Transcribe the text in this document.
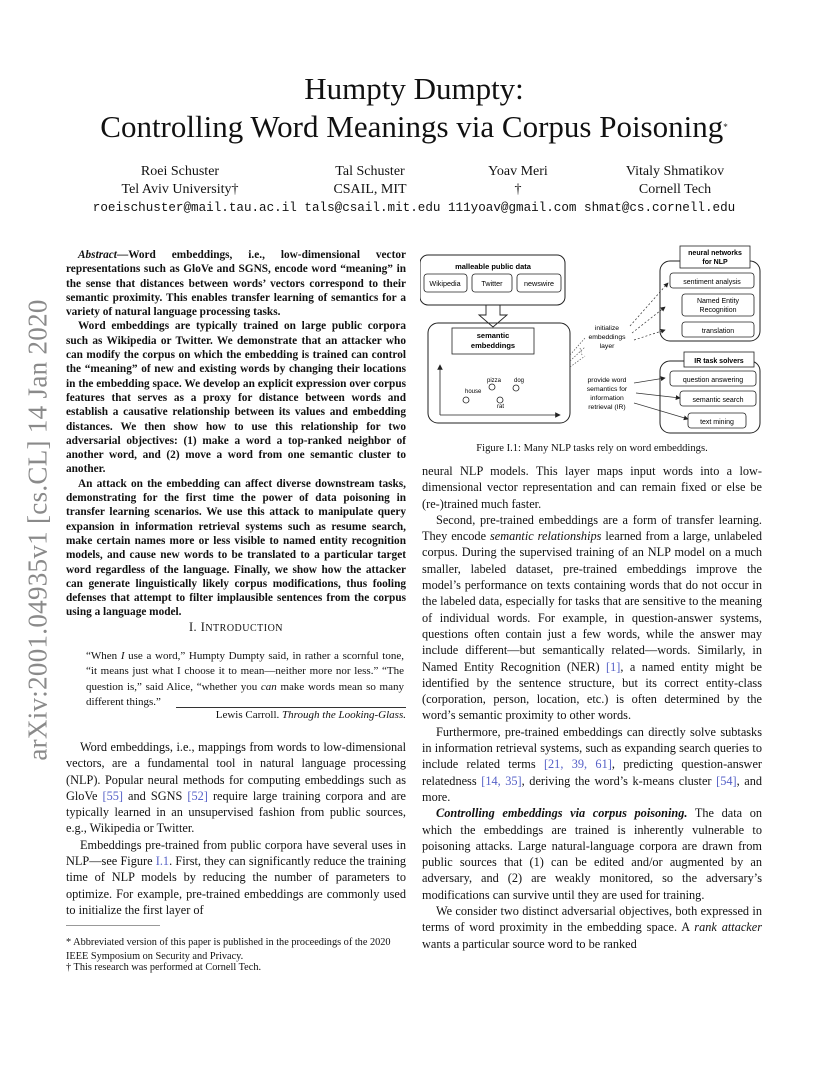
arXiv:2001.04935v1 [cs.CL] 14 Jan 2020
Humpty Dumpty:
Controlling Word Meanings via Corpus Poisoning*
Roei Schuster
Tel Aviv University†
Tal Schuster
CSAIL, MIT
Yoav Meri
†
Vitaly Shmatikov
Cornell Tech
roeischuster@mail.tau.ac.il tals@csail.mit.edu 111yoav@gmail.com shmat@cs.cornell.edu

Abstract—Word embeddings, i.e., low-dimensional vector representations such as GloVe and SGNS, encode word “meaning” in the sense that distances between words’ vectors correspond to their semantic proximity. This enables transfer learning of semantics for a variety of natural language processing tasks.

Word embeddings are typically trained on large public corpora such as Wikipedia or Twitter. We demonstrate that an attacker who can modify the corpus on which the embedding is trained can control the “meaning” of new and existing words by changing their locations in the embedding space. We develop an explicit expression over corpus features that serves as a proxy for distance between words and establish a causative relationship between its values and embedding distances. We then show how to use this relationship for two adversarial objectives: (1) make a word a top-ranked neighbor of another word, and (2) move a word from one semantic cluster to another.

An attack on the embedding can affect diverse downstream tasks, demonstrating for the first time the power of data poisoning in transfer learning scenarios. We use this attack to manipulate query expansion in information retrieval systems such as resume search, make certain names more or less visible to named entity recognition models, and cause new words to be translated to a particular target word regardless of the language. Finally, we show how the attacker can generate linguistically likely corpus modifications, thus fooling defenses that attempt to filter implausible sentences from the corpus using a language model.

I. INTRODUCTION
“When I use a word,” Humpty Dumpty said, in rather a scornful tone, “it means just what I choose it to mean—neither more nor less.” “The question is,” said Alice, “whether you can make words mean so many different things.”
Lewis Carroll. Through the Looking-Glass.

Word embeddings, i.e., mappings from words to low-dimensional vectors, are a fundamental tool in natural language processing (NLP). Popular neural methods for computing embeddings such as GloVe [55] and SGNS [52] require large training corpora and are typically learned in an unsupervised fashion from public sources, e.g., Wikipedia or Twitter.

Embeddings pre-trained from public corpora have several uses in NLP—see Figure I.1. First, they can significantly reduce the training time of NLP models by reducing the number of parameters to optimize. For example, pre-trained embeddings are commonly used to initialize the first layer of

* Abbreviated version of this paper is published in the proceedings of the 2020 IEEE Symposium on Security and Privacy.
† This research was performed at Cornell Tech.
malleable public data
Wikipedia	Twitter	newswire
semantic
embeddings
pizza dog
house
rat
initialize
embeddings
layer
provide word
semantics for
information
retrieval (IR)
neural networks
for NLP
sentiment analysis
Named Entity
Recognition
translation
IR task solvers
question answering
semantic search
text mining
Figure I.1: Many NLP tasks rely on word embeddings.

neural NLP models. This layer maps input words into a low-dimensional vector representation and can remain fixed or else be (re-)trained much faster.

Second, pre-trained embeddings are a form of transfer learning. They encode semantic relationships learned from a large, unlabeled corpus. During the supervised training of an NLP model on a much smaller, labeled dataset, pre-trained embeddings improve the model’s performance on texts containing words that do not occur in the labeled data, especially for tasks that are sensitive to the meaning of individual words. For example, in question-answer systems, questions often contain just a few words, while the answer may include different—but semantically related—words. Similarly, in Named Entity Recognition (NER) [1], a named entity might be identified by the sentence structure, but its correct entity-class (corporation, person, location, etc.) is often determined by the word’s semantic proximity to other words.

Furthermore, pre-trained embeddings can directly solve subtasks in information retrieval systems, such as expanding search queries to include related terms [21, 39, 61], predicting question-answer relatedness [14, 35], deriving the word’s k-means cluster [54], and more.

Controlling embeddings via corpus poisoning. The data on which the embeddings are trained is inherently vulnerable to poisoning attacks. Large natural-language corpora are drawn from public sources that (1) can be edited and/or augmented by an adversary, and (2) are weakly monitored, so the adversary’s modifications can survive until they are used for training.

We consider two distinct adversarial objectives, both expressed in terms of word proximity in the embedding space. A rank attacker wants a particular source word to be ranked
